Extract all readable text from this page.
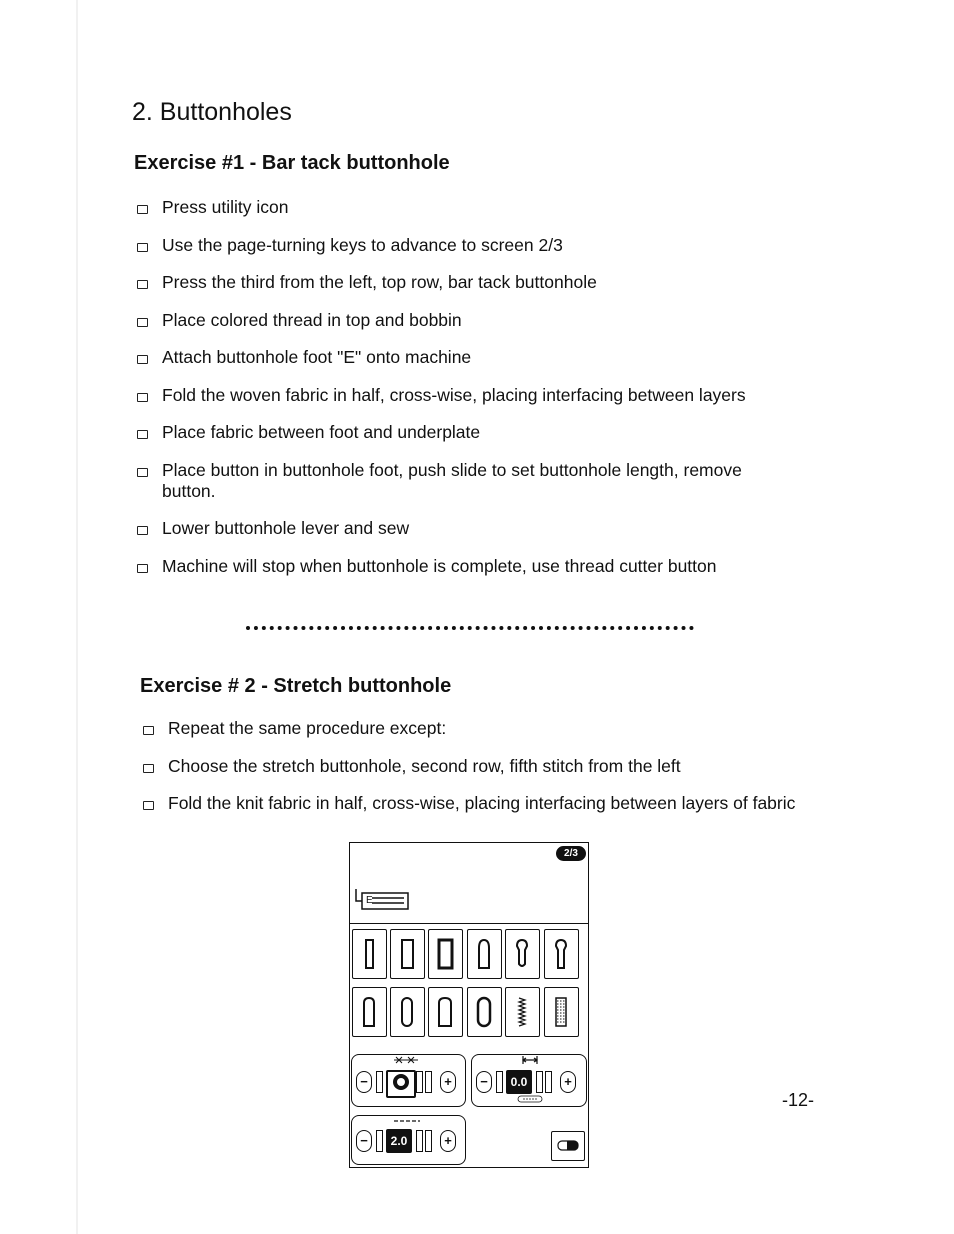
2. Buttonholes
Exercise #1 - Bar tack buttonhole
Press utility icon
Use the page-turning keys to advance to screen 2/3
Press the third from the left, top row, bar tack buttonhole
Place colored thread in top and bobbin
Attach buttonhole foot "E" onto machine
Fold the woven fabric in half, cross-wise, placing interfacing between layers
Place fabric between foot and underplate
Place button in buttonhole foot, push slide to set buttonhole length, remove button.
Lower buttonhole lever and sew
Machine will stop when buttonhole is complete, use thread cutter button
Exercise # 2 - Stretch buttonhole
Repeat the same procedure except:
Choose the stretch buttonhole, second row, fifth stitch from the left
Fold the knit fabric in half, cross-wise, placing interfacing between layers of fabric
2/3
E
−	+	−	0.0	+
−	2.0	+
-12-
